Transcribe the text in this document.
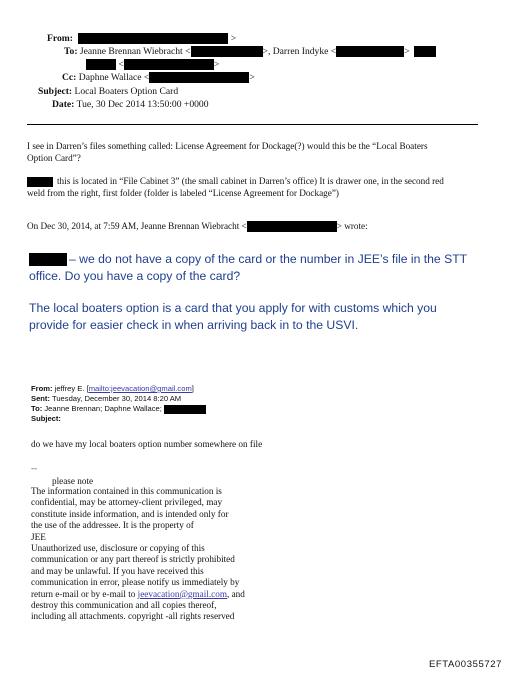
From:	>
To: Jeanne Brennan Wiebracht <	>, Darren Indyke <	>
<	>
Cc: Daphne Wallace <	>
Subject: Local Boaters Option Card
Date: Tue, 30 Dec 2014 13:50:00 +0000
I see in Darren’s files something called: License Agreement for Dockage(?) would this be the “Local Boaters
Option Card”?
this is located in “File Cabinet 3” (the small cabinet in Darren’s office) It is drawer one, in the second red
weld from the right, first folder (folder is labeled “License Agreement for Dockage”)
On Dec 30, 2014, at 7:59 AM, Jeanne Brennan Wiebracht <	> wrote:
– we do not have a copy of the card or the number in JEE’s file in the STT
office. Do you have a copy of the card?
The local boaters option is a card that you apply for with customs which you
provide for easier check in when arriving back in to the USVI.
From: jeffrey E. [mailto:jeevacation@gmail.com]
Sent: Tuesday, December 30, 2014 8:20 AM
To: Jeanne Brennan; Daphne Wallace;
Subject:
do we have my local boaters option number somewhere on file
--
please note
The information contained in this communication is
confidential, may be attorney-client privileged, may
constitute inside information, and is intended only for
the use of the addressee. It is the property of
JEE
Unauthorized use, disclosure or copying of this
communication or any part thereof is strictly prohibited
and may be unlawful. If you have received this
communication in error, please notify us immediately by
return e-mail or by e-mail to jeevacation@gmail.com, and
destroy this communication and all copies thereof,
including all attachments. copyright -all rights reserved
EFTA00355727
